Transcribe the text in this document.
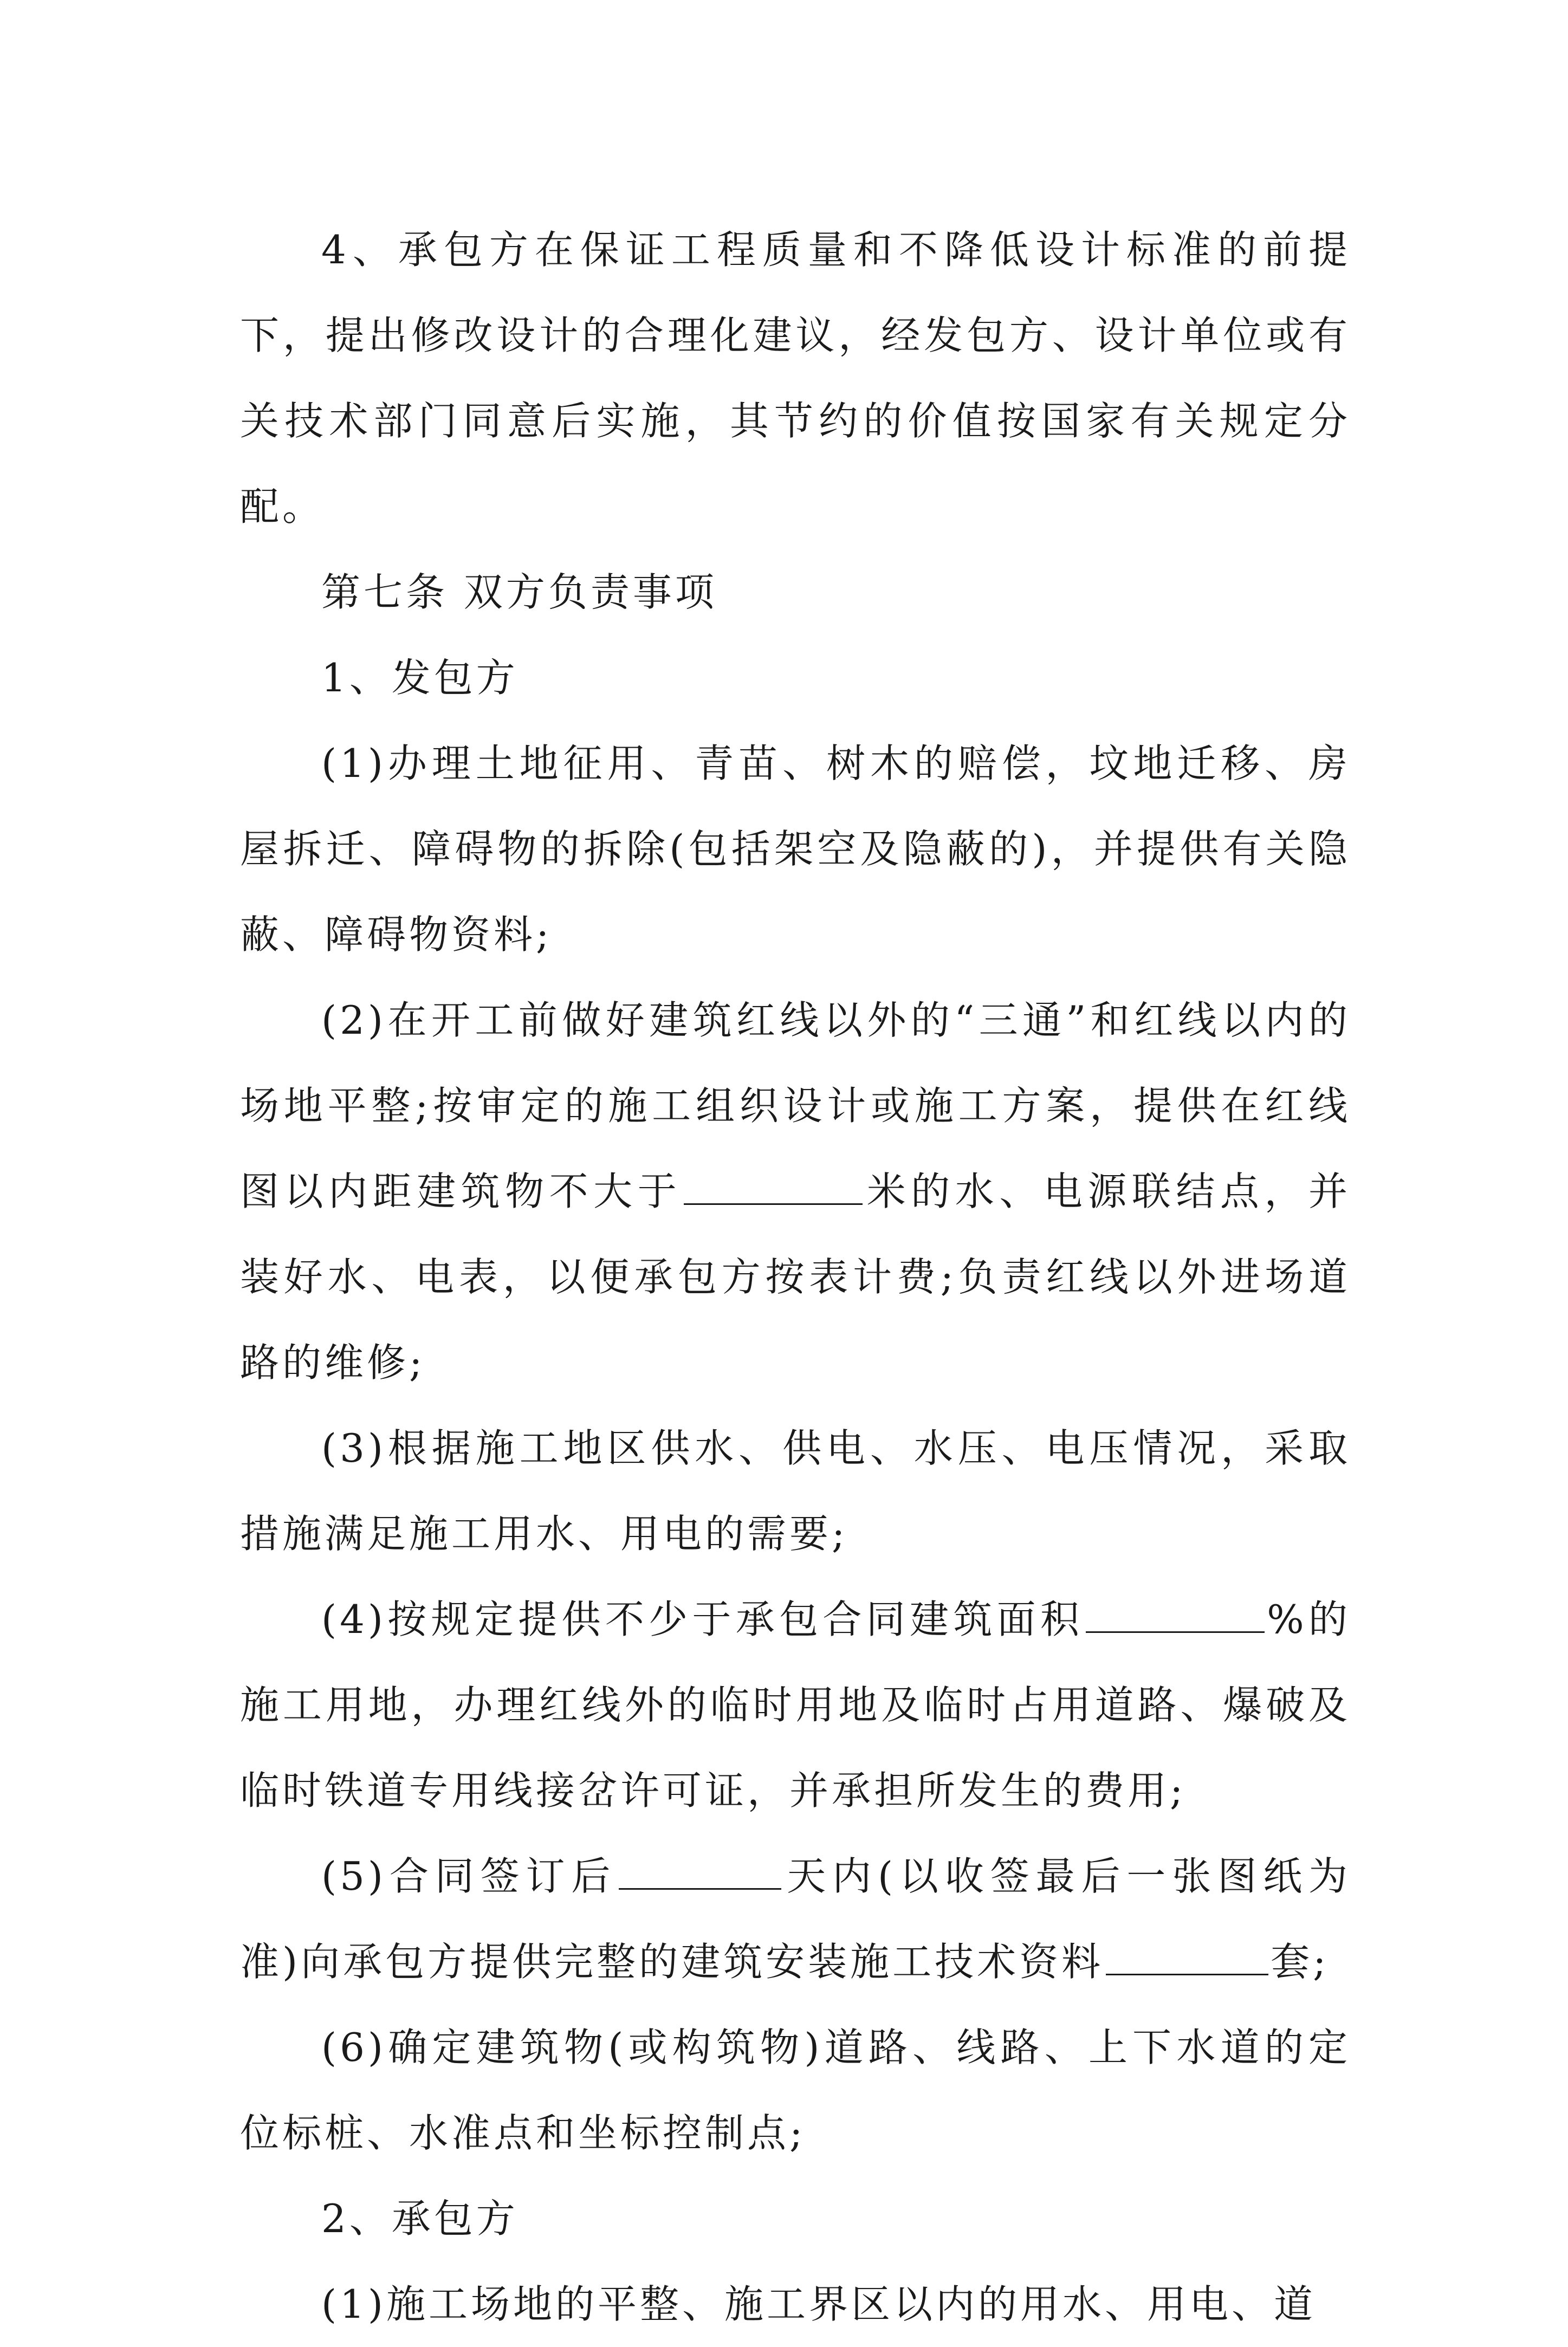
4、承包方在保证工程质量和不降低设计标准的前提下，提出修改设计的合理化建议，经发包方、设计单位或有关技术部门同意后实施，其节约的价值按国家有关规定分配。

第七条 双方负责事项

1、发包方

(1)办理土地征用、青苗、树木的赔偿，坟地迁移、房屋拆迁、障碍物的拆除(包括架空及隐蔽的)，并提供有关隐蔽、障碍物资料;

(2)在开工前做好建筑红线以外的“三通”和红线以内的场地平整;按审定的施工组织设计或施工方案，提供在红线图以内距建筑物不大于	米的水、电源联结点，并装好水、电表，以便承包方按表计费;负责红线以外进场道路的维修;

(3)根据施工地区供水、供电、水压、电压情况，采取措施满足施工用水、用电的需要;

(4)按规定提供不少于承包合同建筑面积	%的施工用地，办理红线外的临时用地及临时占用道路、爆破及临时铁道专用线接岔许可证，并承担所发生的费用;

(5)合同签订后	天内(以收签最后一张图纸为准)向承包方提供完整的建筑安装施工技术资料	套;

(6)确定建筑物(或构筑物)道路、线路、上下水道的定位标桩、水准点和坐标控制点;

2、承包方

(1)施工场地的平整、施工界区以内的用水、用电、道
